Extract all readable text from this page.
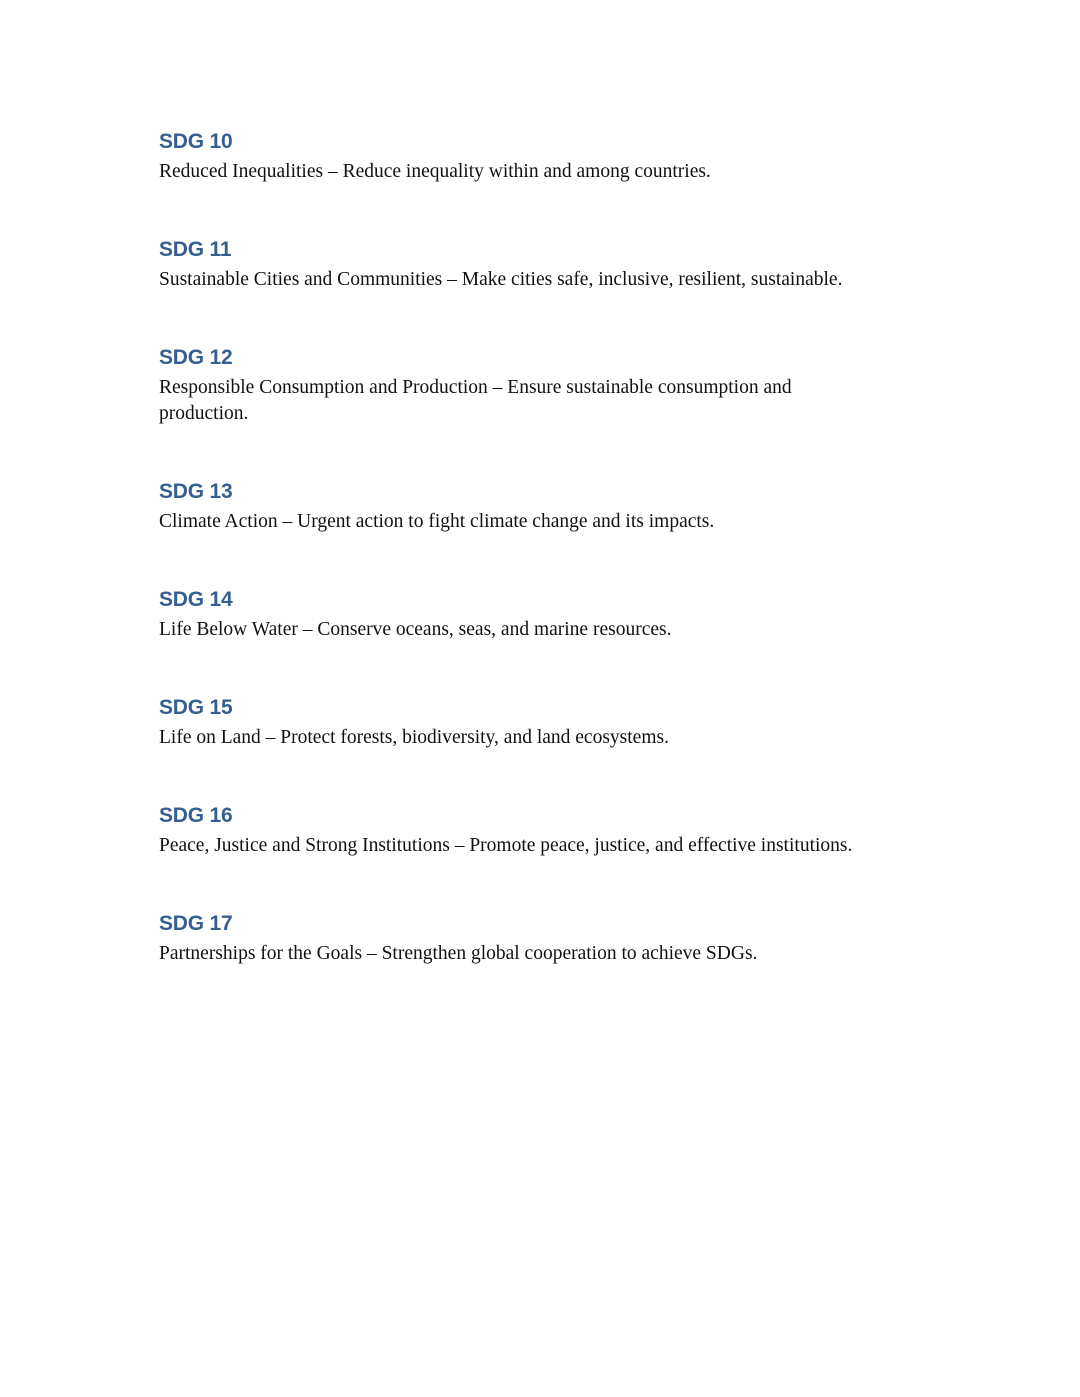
SDG 10

Reduced Inequalities – Reduce inequality within and among countries.

SDG 11

Sustainable Cities and Communities – Make cities safe, inclusive, resilient, sustainable.

SDG 12

Responsible Consumption and Production – Ensure sustainable consumption and production.

SDG 13

Climate Action – Urgent action to fight climate change and its impacts.

SDG 14

Life Below Water – Conserve oceans, seas, and marine resources.

SDG 15

Life on Land – Protect forests, biodiversity, and land ecosystems.

SDG 16

Peace, Justice and Strong Institutions – Promote peace, justice, and effective institutions.

SDG 17

Partnerships for the Goals – Strengthen global cooperation to achieve SDGs.
